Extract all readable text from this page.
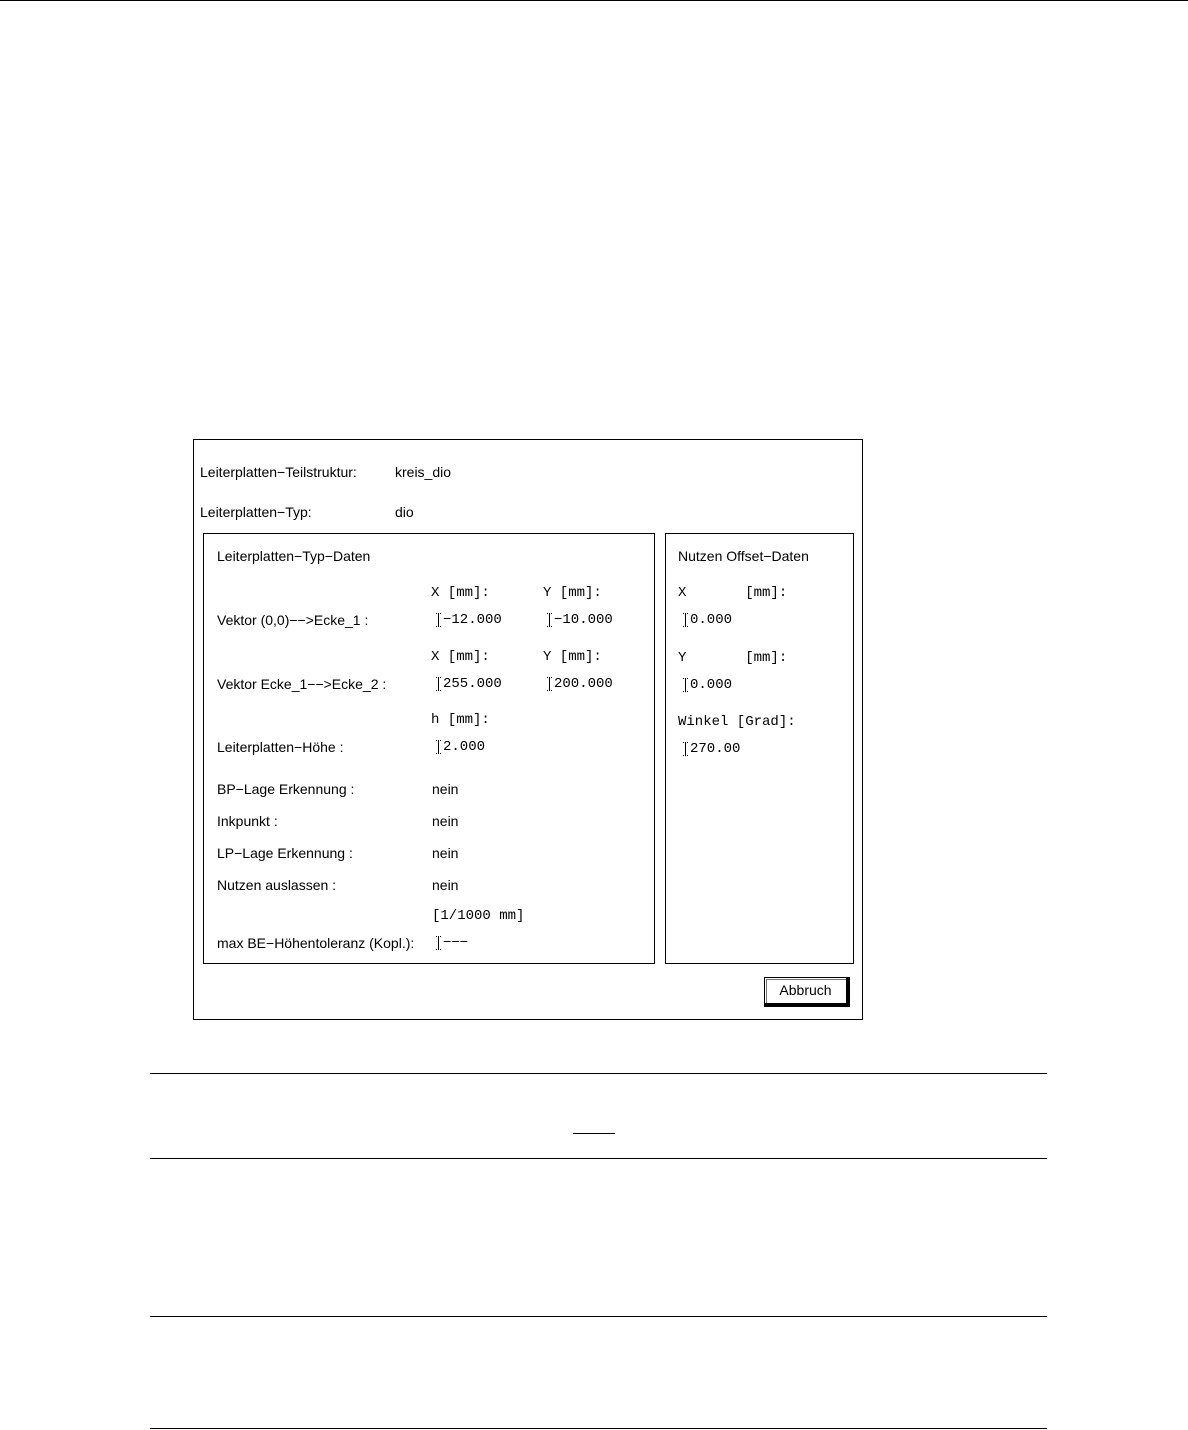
Leiterplatten−Teilstruktur:	kreis_dio
Leiterplatten−Typ:	dio
Leiterplatten−Typ−Daten
X [mm]:	Y [mm]:
Vektor (0,0)−−>Ecke_1 :	−12.000	−10.000
X [mm]:	Y [mm]:
Vektor Ecke_1−−>Ecke_2 :	255.000	200.000
h [mm]:
Leiterplatten−Höhe :	2.000
BP−Lage Erkennung :	nein
Inkpunkt :	nein
LP−Lage Erkennung :	nein
Nutzen auslassen :	nein
[1/1000 mm]
max BE−Höhentoleranz (Kopl.):	−−−
Nutzen Offset−Daten
X       [mm]:
0.000
Y       [mm]:
0.000
Winkel [Grad]:
270.00
Abbruch
